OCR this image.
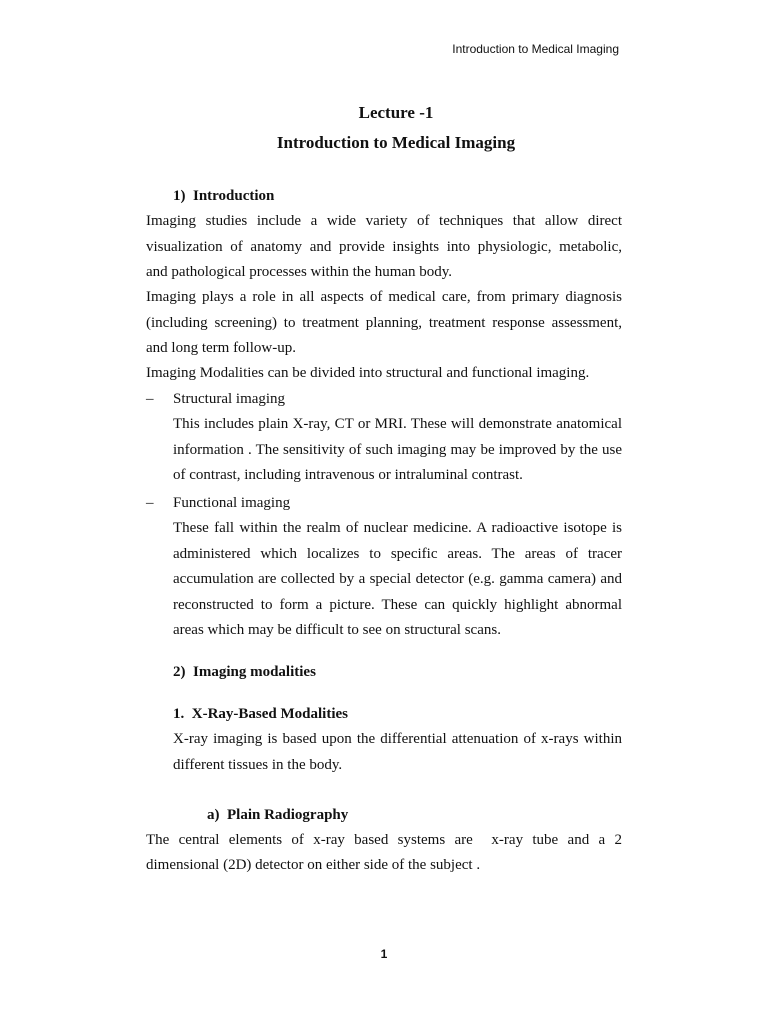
Introduction to Medical Imaging
Lecture -1
Introduction to Medical Imaging
1)  Introduction
Imaging studies include a wide variety of techniques that allow direct
visualization of anatomy and provide insights into physiologic, metabolic,
and pathological processes within the human body.
Imaging plays a role in all aspects of medical care, from primary diagnosis
(including screening) to treatment planning, treatment response assessment,
and long term follow-up.
Imaging Modalities can be divided into structural and functional imaging.
– Structural imaging
This includes plain X-ray, CT or MRI. These will demonstrate anatomical
information . The sensitivity of such imaging may be improved by the use
of contrast, including intravenous or intraluminal contrast.
– Functional imaging
These fall within the realm of nuclear medicine. A radioactive isotope is
administered which localizes to specific areas. The areas of tracer
accumulation are collected by a special detector (e.g. gamma camera) and
reconstructed to form a picture. These can quickly highlight abnormal
areas which may be difficult to see on structural scans.
2)  Imaging modalities
1.  X-Ray-Based Modalities
X-ray imaging is based upon the differential attenuation of x-rays within
different tissues in the body.
a)  Plain Radiography
The central elements of x-ray based systems are  x-ray tube and a 2
dimensional (2D) detector on either side of the subject .
1
